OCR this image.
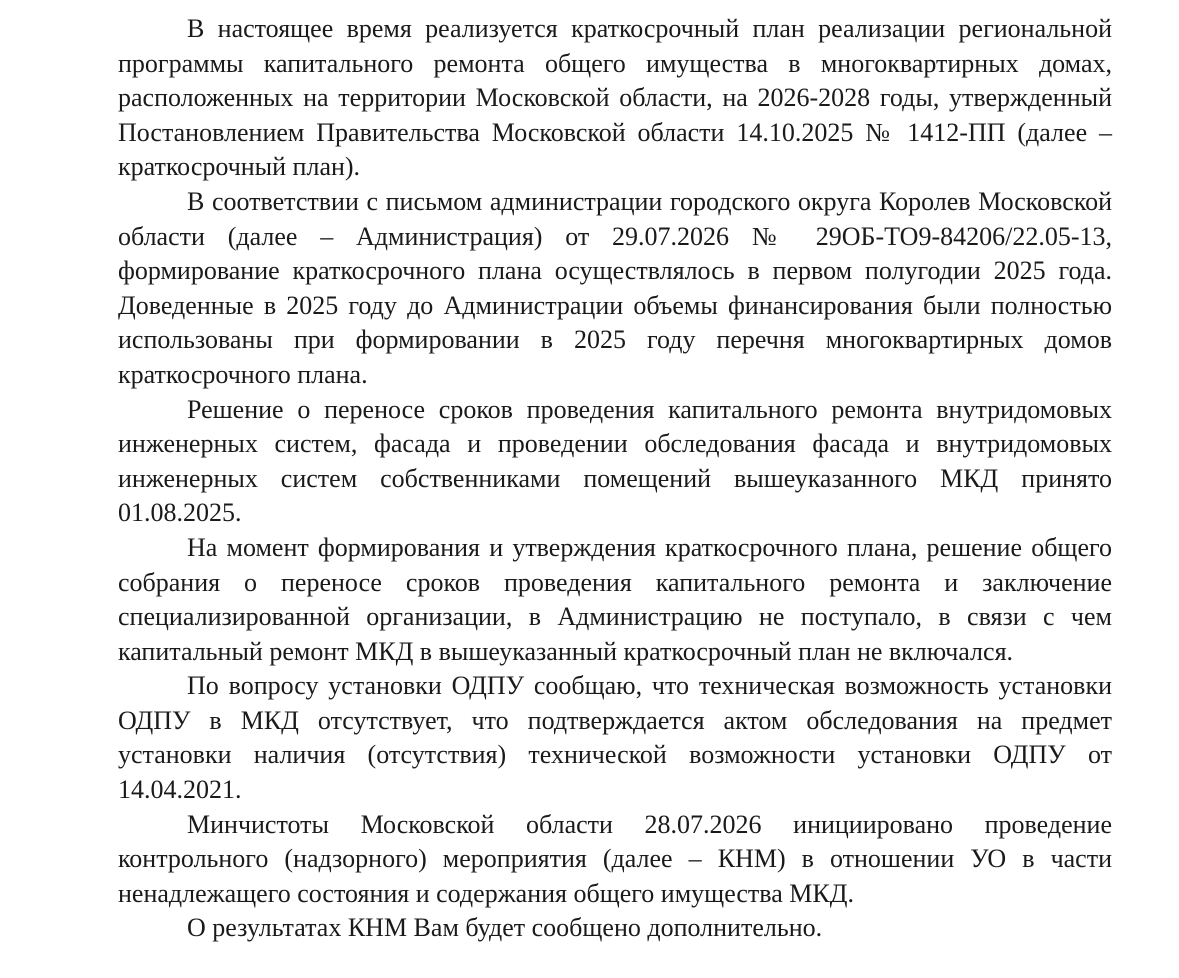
В настоящее время реализуется краткосрочный план реализации региональной программы капитального ремонта общего имущества в многоквартирных домах, расположенных на территории Московской области, на 2026-2028 годы, утвержденный Постановлением Правительства Московской области 14.10.2025 № 1412-ПП (далее – краткосрочный план).

В соответствии с письмом администрации городского округа Королев Московской области (далее – Администрация) от 29.07.2026 № 29ОБ-ТО9-84206/22.05-13, формирование краткосрочного плана осуществлялось в первом полугодии 2025 года. Доведенные в 2025 году до Администрации объемы финансирования были полностью использованы при формировании в 2025 году перечня многоквартирных домов краткосрочного плана.

Решение о переносе сроков проведения капитального ремонта внутридомовых инженерных систем, фасада и проведении обследования фасада и внутридомовых инженерных систем собственниками помещений вышеуказанного МКД принято 01.08.2025.

На момент формирования и утверждения краткосрочного плана, решение общего собрания о переносе сроков проведения капитального ремонта и заключение специализированной организации, в Администрацию не поступало, в связи с чем капитальный ремонт МКД в вышеуказанный краткосрочный план не включался.

По вопросу установки ОДПУ сообщаю, что техническая возможность установки ОДПУ в МКД отсутствует, что подтверждается актом обследования на предмет установки наличия (отсутствия) технической возможности установки ОДПУ от 14.04.2021.

Минчистоты Московской области 28.07.2026 инициировано проведение контрольного (надзорного) мероприятия (далее – КНМ) в отношении УО в части ненадлежащего состояния и содержания общего имущества МКД.

О результатах КНМ Вам будет сообщено дополнительно.
